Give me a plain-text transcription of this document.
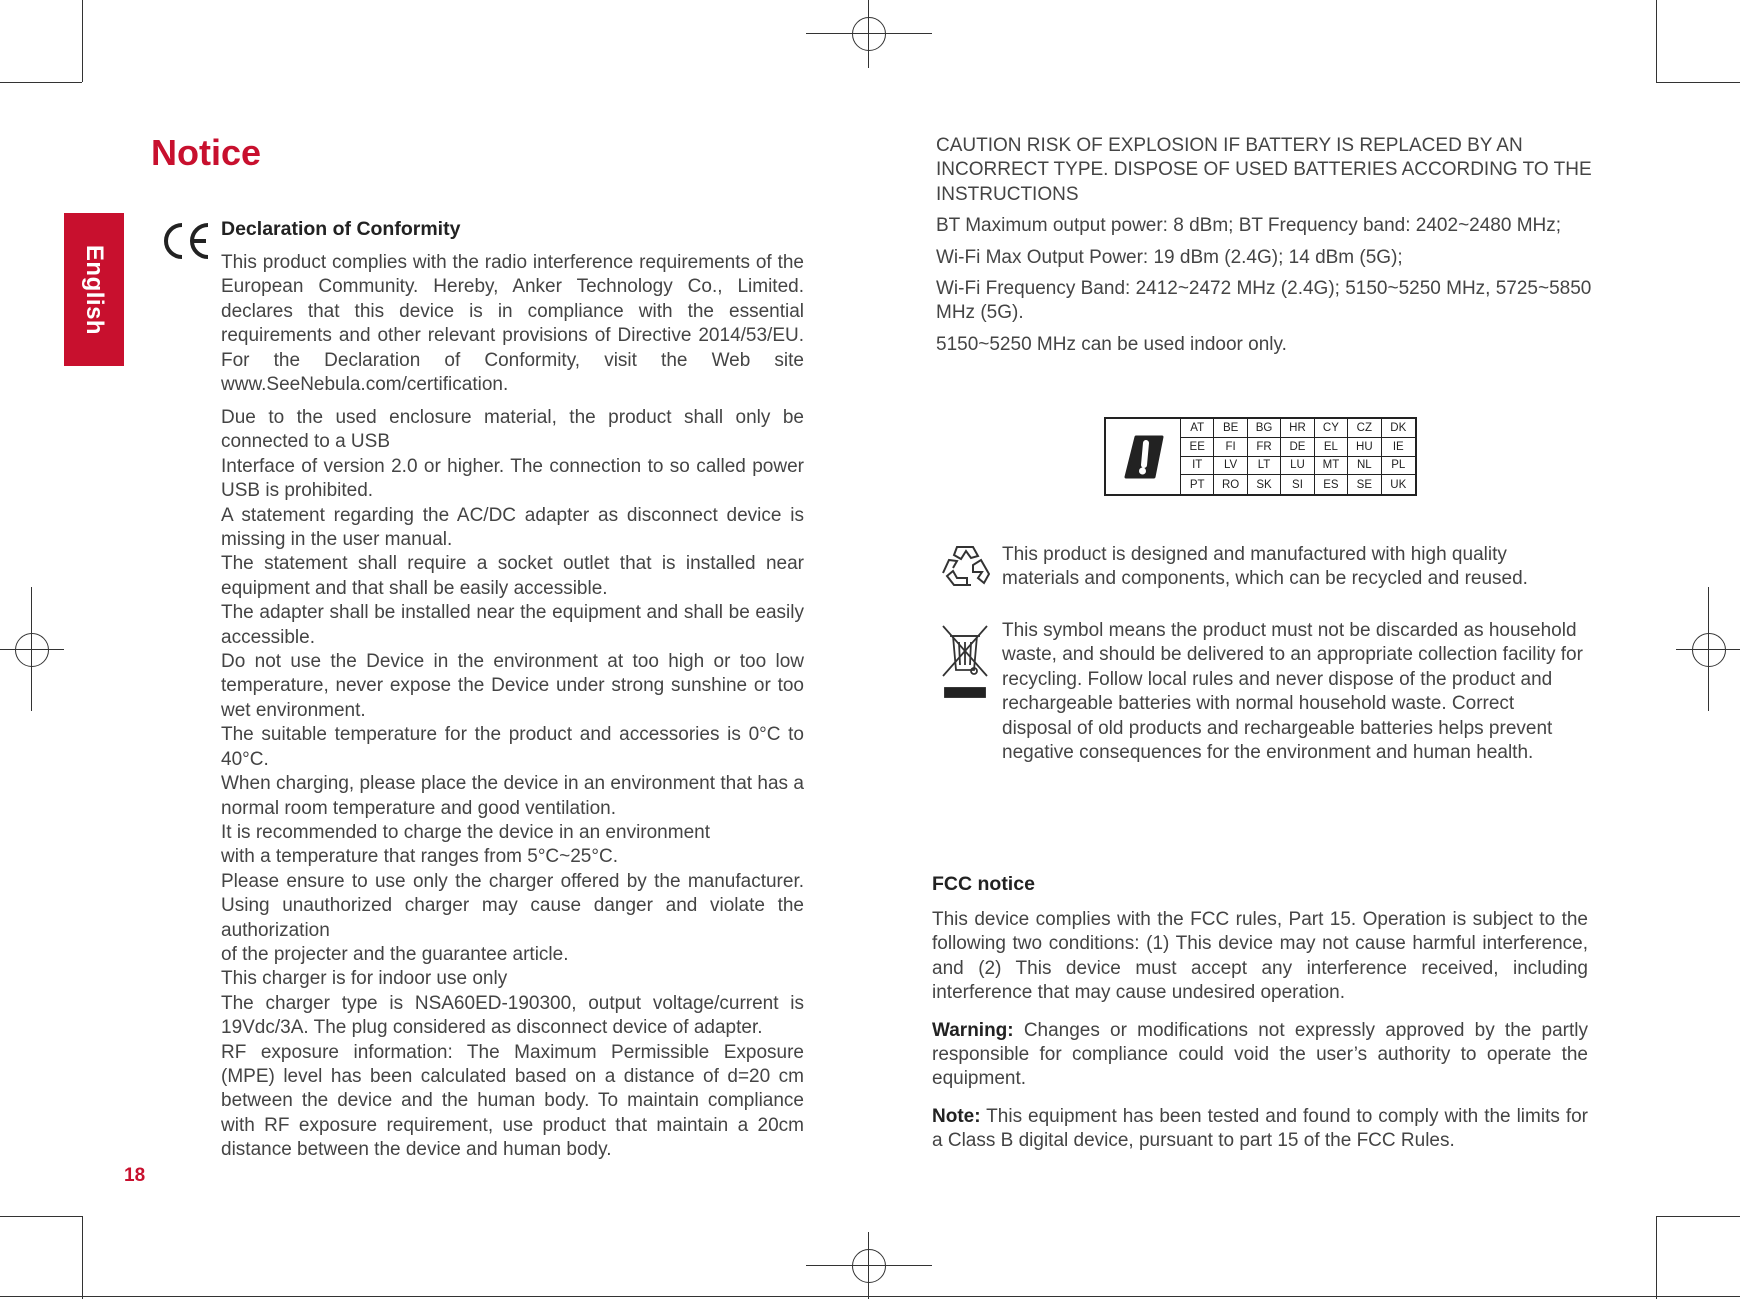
Notice
English
Declaration of Conformity

This product complies with the radio interference requirements of the European Community. Hereby, Anker Technology Co., Limited. declares that this device is in compliance with the essential requirements and other relevant provisions of Directive 2014/53/EU. For the Declaration of Conformity, visit the Web site www.SeeNebula.com/certification.

Due to the used enclosure material, the product shall only be connected to a USB

Interface of version 2.0 or higher. The connection to so called power USB is prohibited.

A statement regarding the AC/DC adapter as disconnect device is missing in the user manual.

The statement shall require a socket outlet that is installed near equipment and that shall be easily accessible.

The adapter shall be installed near the equipment and shall be easily accessible.

Do not use the Device in the environment at too high or too low temperature, never expose the Device under strong sunshine or too wet environment.

The suitable temperature for the product and accessories is 0°C to 40°C.

When charging, please place the device in an environment that has a normal room temperature and good ventilation.

It is recommended to charge the device in an environment

with a temperature that ranges from 5°C~25°C.

Please ensure to use only the charger offered by the manufacturer. Using unauthorized charger may cause danger and violate the authorization

of the projecter and the guarantee article.

This charger is for indoor use only

The charger type is NSA60ED-190300, output voltage/current is 19Vdc/3A. The plug considered as disconnect device of adapter.

RF exposure information: The Maximum Permissible Exposure (MPE) level has been calculated based on a distance of d=20 cm between the device and the human body. To maintain compliance with RF exposure requirement, use product that maintain a 20cm distance between the device and human body.

18

CAUTION RISK OF EXPLOSION IF BATTERY IS REPLACED BY AN INCORRECT TYPE. DISPOSE OF USED BATTERIES ACCORDING TO THE INSTRUCTIONS

BT Maximum output power: 8 dBm; BT Frequency band: 2402~2480 MHz;

Wi-Fi Max Output Power: 19 dBm (2.4G); 14 dBm (5G);

Wi-Fi Frequency Band: 2412~2472 MHz (2.4G); 5150~5250 MHz, 5725~5850 MHz (5G).

5150~5250 MHz can be used indoor only.

AT	BE	BG	HR	CY	CZ	DK
EE	FI	FR	DE	EL	HU	IE
IT	LV	LT	LU	MT	NL	PL
PT	RO	SK	SI	ES	SE	UK
This product is designed and manufactured with high quality materials and components, which can be recycled and reused.
This symbol means the product must not be discarded as household waste, and should be delivered to an appropriate collection facility for recycling. Follow local rules and never dispose of the product and rechargeable batteries with normal household waste. Correct disposal of old products and rechargeable batteries helps prevent negative consequences for the environment and human health.
FCC notice

This device complies with the FCC rules, Part 15. Operation is subject to the following two conditions: (1) This device may not cause harmful interference, and (2) This device must accept any interference received, including interference that may cause undesired operation.

Warning: Changes or modifications not expressly approved by the partly responsible for compliance could void the user’s authority to operate the equipment.

Note: This equipment has been tested and found to comply with the limits for a Class B digital device, pursuant to part 15 of the FCC Rules.
